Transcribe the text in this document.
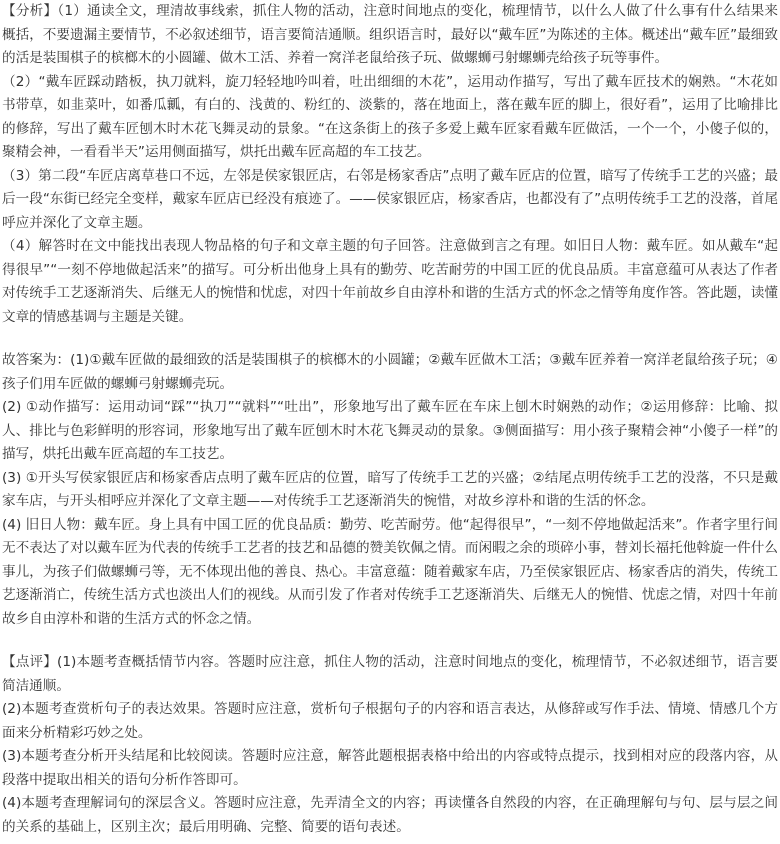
【分析】（1）通读全文，理清故事线索，抓住人物的活动，注意时间地点的变化，梳理情节，以什么人做了什么事有什么结果来概括，不要遗漏主要情节，不必叙述细节，语言要简洁通顺。组织语言时，最好以“戴车匠”为陈述的主体。概述出“戴车匠”最细致的活是装围棋子的槟榔木的小圆罐、做木工活、养着一窝洋老鼠给孩子玩、做螺蛳弓射螺蛳壳给孩子玩等事件。

（2）“戴车匠踩动踏板，执刀就料，旋刀轻轻地吟叫着，吐出细细的木花”，运用动作描写，写出了戴车匠技术的娴熟。“木花如书带草，如韭菜叶，如番瓜瓤，有白的、浅黄的、粉红的、淡紫的，落在地面上，落在戴车匠的脚上，很好看”，运用了比喻排比的修辞，写出了戴车匠刨木时木花飞舞灵动的景象。“在这条街上的孩子多爱上戴车匠家看戴车匠做活，一个一个，小傻子似的，聚精会神，一看看半天”运用侧面描写，烘托出戴车匠高超的车工技艺。

（3）第二段“车匠店离草巷口不远，左邻是侯家银匠店，右邻是杨家香店”点明了戴车匠店的位置，暗写了传统手工艺的兴盛；最后一段“东街已经完全变样，戴家车匠店已经没有痕迹了。——侯家银匠店，杨家香店，也都没有了”点明传统手工艺的没落，首尾呼应并深化了文章主题。

（4）解答时在文中能找出表现人物品格的句子和文章主题的句子回答。注意做到言之有理。如旧日人物：戴车匠。如从戴车“起得很早”“一刻不停地做起活来”的描写。可分析出他身上具有的勤劳、吃苦耐劳的中国工匠的优良品质。丰富意蕴可从表达了作者对传统手工艺逐渐消失、后继无人的惋惜和忧虑，对四十年前故乡自由淳朴和谐的生活方式的怀念之情等角度作答。答此题，读懂文章的情感基调与主题是关键。

故答案为：(1)①戴车匠做的最细致的活是装围棋子的槟榔木的小圆罐；②戴车匠做木工活；③戴车匠养着一窝洋老鼠给孩子玩；④孩子们用车匠做的螺蛳弓射螺蛳壳玩。

(2) ①动作描写：运用动词“踩”“执刀”“就料”“吐出”，形象地写出了戴车匠在车床上刨木时娴熟的动作；②运用修辞：比喻、拟人、排比与色彩鲜明的形容词，形象地写出了戴车匠刨木时木花飞舞灵动的景象。③侧面描写：用小孩子聚精会神“小傻子一样”的描写，烘托出戴车匠高超的车工技艺。

(3) ①开头写侯家银匠店和杨家香店点明了戴车匠店的位置，暗写了传统手工艺的兴盛；②结尾点明传统手工艺的没落，不只是戴家车店，与开头相呼应并深化了文章主题——对传统手工艺逐渐消失的惋惜，对故乡淳朴和谐的生活的怀念。

(4) 旧日人物：戴车匠。身上具有中国工匠的优良品质：勤劳、吃苦耐劳。他“起得很早”，“一刻不停地做起活来”。作者字里行间无不表达了对以戴车匠为代表的传统手工艺者的技艺和品德的赞美钦佩之情。而闲暇之余的琐碎小事，替刘长福托他斡旋一件什么事儿，为孩子们做螺蛳弓等，无不体现出他的善良、热心。丰富意蕴：随着戴家车店，乃至侯家银匠店、杨家香店的消失，传统工艺逐渐消亡，传统生活方式也淡出人们的视线。从而引发了作者对传统手工艺逐渐消失、后继无人的惋惜、忧虑之情，对四十年前故乡自由淳朴和谐的生活方式的怀念之情。

【点评】(1)本题考查概括情节内容。答题时应注意，抓住人物的活动，注意时间地点的变化，梳理情节，不必叙述细节，语言要简洁通顺。

(2)本题考查赏析句子的表达效果。答题时应注意，赏析句子根据句子的内容和语言表达，从修辞或写作手法、情境、情感几个方面来分析精彩巧妙之处。

(3)本题考查分析开头结尾和比较阅读。答题时应注意，解答此题根据表格中给出的内容或特点提示，找到相对应的段落内容，从段落中提取出相关的语句分析作答即可。

(4)本题考查理解词句的深层含义。答题时应注意，先弄清全文的内容；再读懂各自然段的内容，在正确理解句与句、层与层之间的关系的基础上，区别主次；最后用明确、完整、简要的语句表述。
